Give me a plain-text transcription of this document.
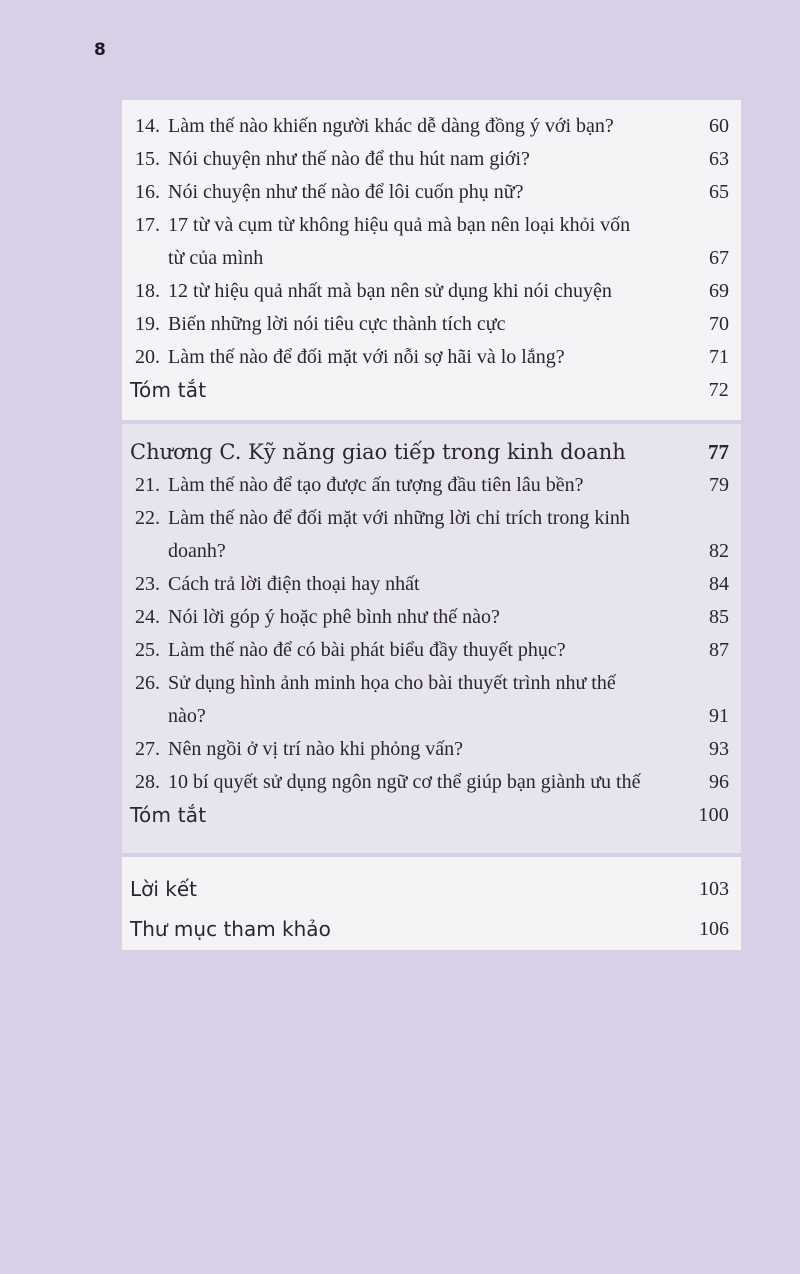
8
14. Làm thế nào khiến người khác dễ dàng đồng ý với bạn?	60
15. Nói chuyện như thế nào để thu hút nam giới?	63
16. Nói chuyện như thế nào để lôi cuốn phụ nữ?	65
17. 17 từ và cụm từ không hiệu quả mà bạn nên loại khỏi vốn từ của mình	67
18. 12 từ hiệu quả nhất mà bạn nên sử dụng khi nói chuyện	69
19. Biến những lời nói tiêu cực thành tích cực	70
20. Làm thế nào để đối mặt với nỗi sợ hãi và lo lắng?	71
Tóm tắt	72
Chương C. Kỹ năng giao tiếp trong kinh doanh	77
21. Làm thế nào để tạo được ấn tượng đầu tiên lâu bền?	79
22. Làm thế nào để đối mặt với những lời chỉ trích trong kinh doanh?	82
23. Cách trả lời điện thoại hay nhất	84
24. Nói lời góp ý hoặc phê bình như thế nào?	85
25. Làm thế nào để có bài phát biểu đầy thuyết phục?	87
26. Sử dụng hình ảnh minh họa cho bài thuyết trình như thế nào?	91
27. Nên ngồi ở vị trí nào khi phỏng vấn?	93
28. 10 bí quyết sử dụng ngôn ngữ cơ thể giúp bạn giành ưu thế	96
Tóm tắt	100
Lời kết	103
Thư mục tham khảo	106
